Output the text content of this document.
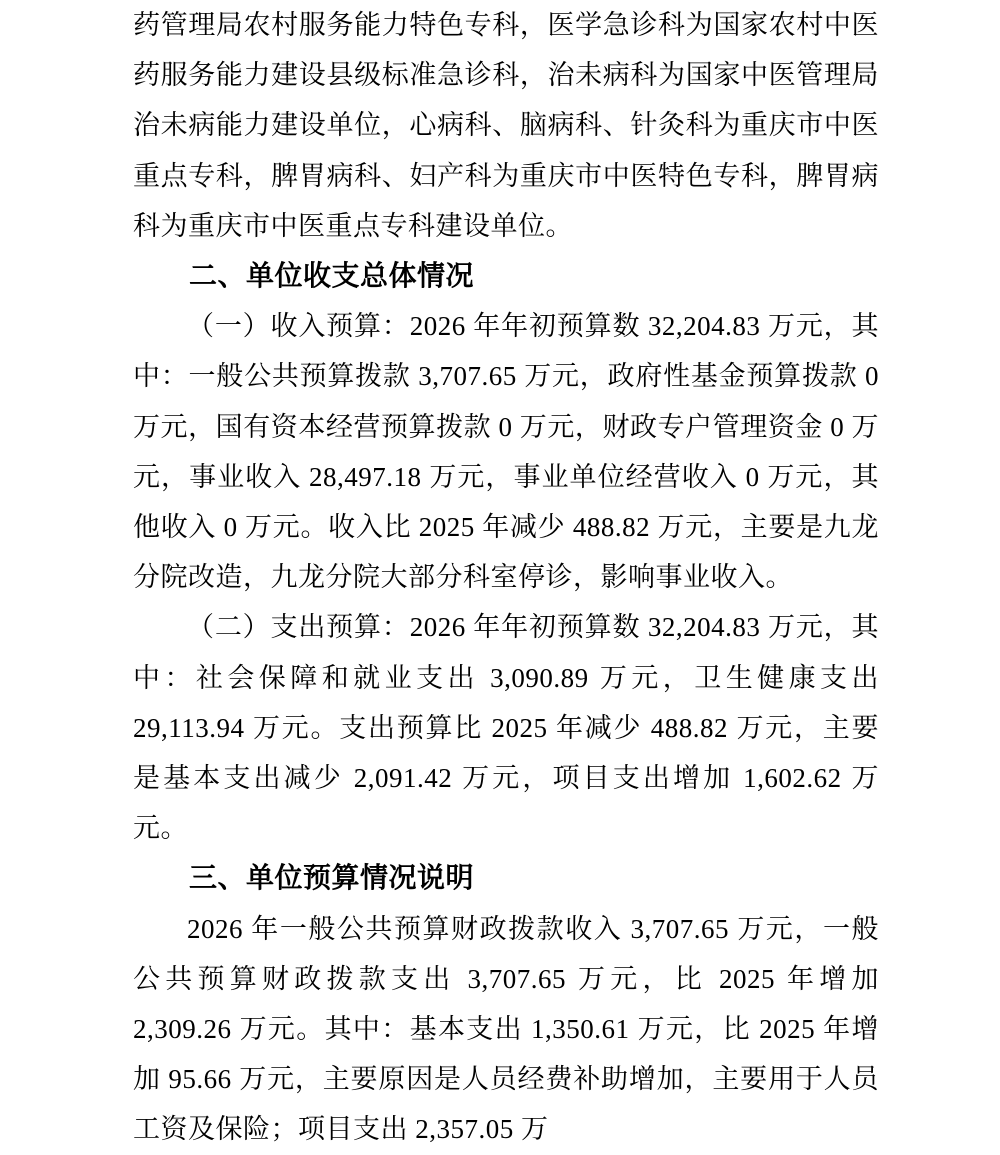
药管理局农村服务能力特色专科，医学急诊科为国家农村中医药服务能力建设县级标准急诊科，治未病科为国家中医管理局治未病能力建设单位，心病科、脑病科、针灸科为重庆市中医重点专科，脾胃病科、妇产科为重庆市中医特色专科，脾胃病科为重庆市中医重点专科建设单位。

二、单位收支总体情况

（一）收入预算：2026 年年初预算数 32,204.83 万元，其中：一般公共预算拨款 3,707.65 万元，政府性基金预算拨款 0 万元，国有资本经营预算拨款 0 万元，财政专户管理资金 0 万元，事业收入 28,497.18 万元，事业单位经营收入 0 万元，其他收入 0 万元。收入比 2025 年减少 488.82 万元，主要是九龙分院改造，九龙分院大部分科室停诊，影响事业收入。

（二）支出预算：2026 年年初预算数 32,204.83 万元，其中：社会保障和就业支出 3,090.89 万元，卫生健康支出 29,113.94 万元。支出预算比 2025 年减少 488.82 万元，主要是基本支出减少 2,091.42 万元，项目支出增加 1,602.62 万元。

三、单位预算情况说明

2026 年一般公共预算财政拨款收入 3,707.65 万元，一般公共预算财政拨款支出 3,707.65 万元，比 2025 年增加 2,309.26 万元。其中：基本支出 1,350.61 万元，比 2025 年增加 95.66 万元，主要原因是人员经费补助增加，主要用于人员工资及保险；项目支出 2,357.05 万
